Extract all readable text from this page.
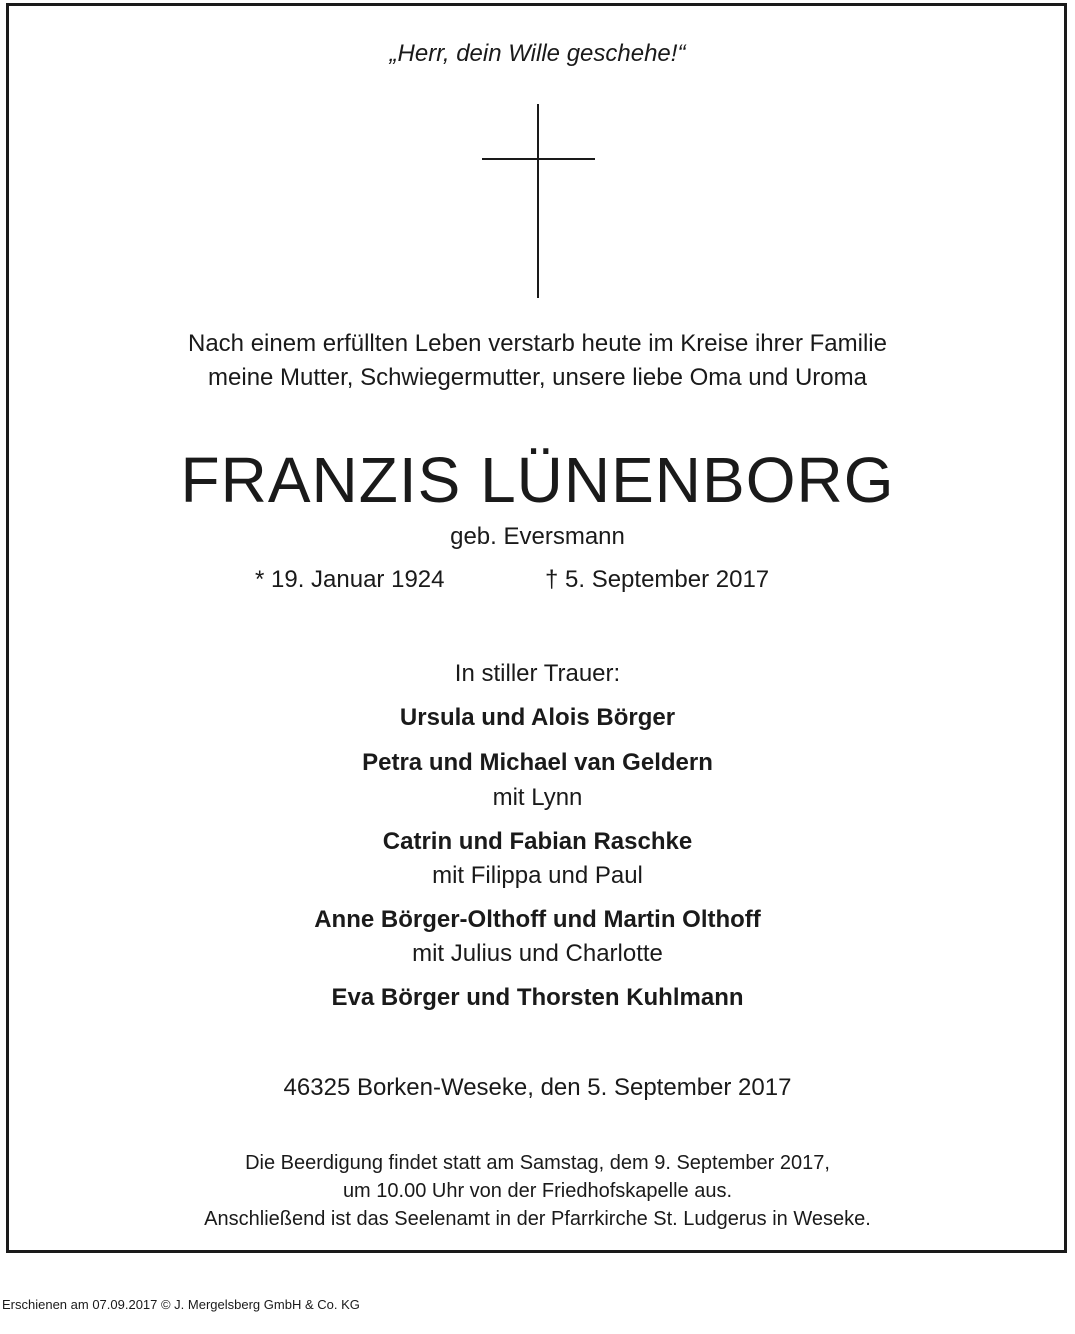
„Herr, dein Wille geschehe!“
Nach einem erfüllten Leben verstarb heute im Kreise ihrer Familie
meine Mutter, Schwiegermutter, unsere liebe Oma und Uroma
FRANZIS LÜNENBORG
geb. Eversmann
* 19. Januar 1924	† 5. September 2017
In stiller Trauer:
Ursula und Alois Börger
Petra und Michael van Geldern
mit Lynn
Catrin und Fabian Raschke
mit Filippa und Paul
Anne Börger-Olthoff und Martin Olthoff
mit Julius und Charlotte
Eva Börger und Thorsten Kuhlmann
46325 Borken-Weseke, den 5. September 2017
Die Beerdigung findet statt am Samstag, dem 9. September 2017,
um 10.00 Uhr von der Friedhofskapelle aus.
Anschließend ist das Seelenamt in der Pfarrkirche St. Ludgerus in Weseke.
Erschienen am 07.09.2017 © J. Mergelsberg GmbH & Co. KG
